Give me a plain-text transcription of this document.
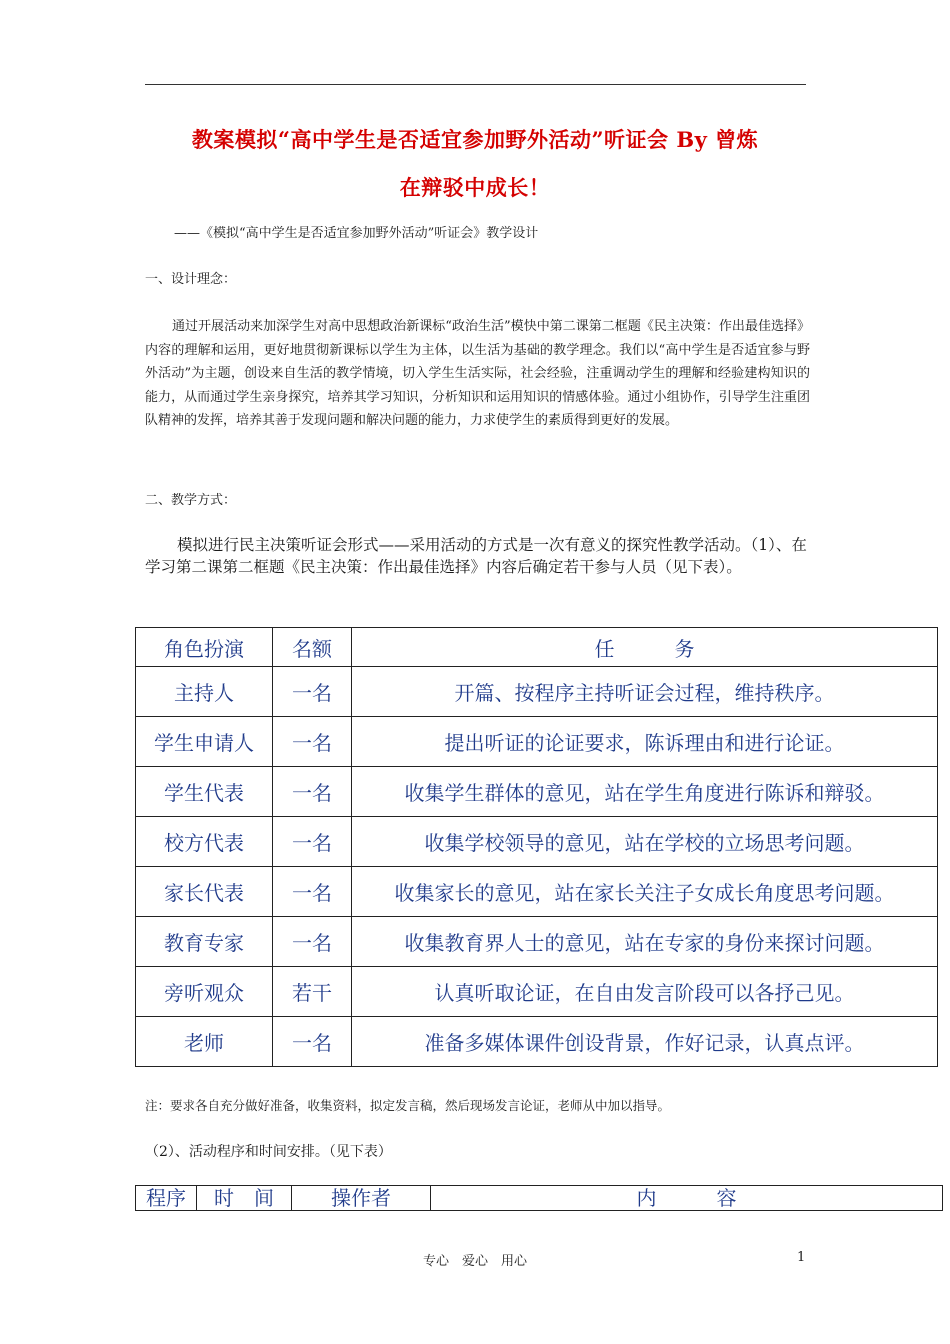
教案模拟“高中学生是否适宜参加野外活动”听证会 By 曾炼
在辩驳中成长！
——《模拟“高中学生是否适宜参加野外活动”听证会》教学设计
一、设计理念：
通过开展活动来加深学生对高中思想政治新课标“政治生活”模快中第二课第二框题《民主决策：作出最佳选择》内容的理解和运用，更好地贯彻新课标以学生为主体，以生活为基础的教学理念。我们以“高中学生是否适宜参与野外活动”为主题，创设来自生活的教学情境，切入学生生活实际，社会经验，注重调动学生的理解和经验建构知识的能力，从而通过学生亲身探究，培养其学习知识，分析知识和运用知识的情感体验。通过小组协作，引导学生注重团队精神的发挥，培养其善于发现问题和解决问题的能力，力求使学生的素质得到更好的发展。
二、教学方式：
模拟进行民主决策听证会形式——采用活动的方式是一次有意义的探究性教学活动。（1）、在学习第二课第二框题《民主决策：作出最佳选择》内容后确定若干参与人员（见下表）。
角色扮演	名额	任　　　务
主持人	一名	开篇、按程序主持听证会过程，维持秩序。
学生申请人	一名	提出听证的论证要求，陈诉理由和进行论证。
学生代表	一名	收集学生群体的意见，站在学生角度进行陈诉和辩驳。
校方代表	一名	收集学校领导的意见，站在学校的立场思考问题。
家长代表	一名	收集家长的意见，站在家长关注子女成长角度思考问题。
教育专家	一名	收集教育界人士的意见，站在专家的身份来探讨问题。
旁听观众	若干	认真听取论证，在自由发言阶段可以各抒己见。
老师	一名	准备多媒体课件创设背景，作好记录，认真点评。
注：要求各自充分做好准备，收集资料，拟定发言稿，然后现场发言论证，老师从中加以指导。
（2）、活动程序和时间安排。（见下表）
程序	时　间	操作者	内　　　容
专心　爱心　用心	1
